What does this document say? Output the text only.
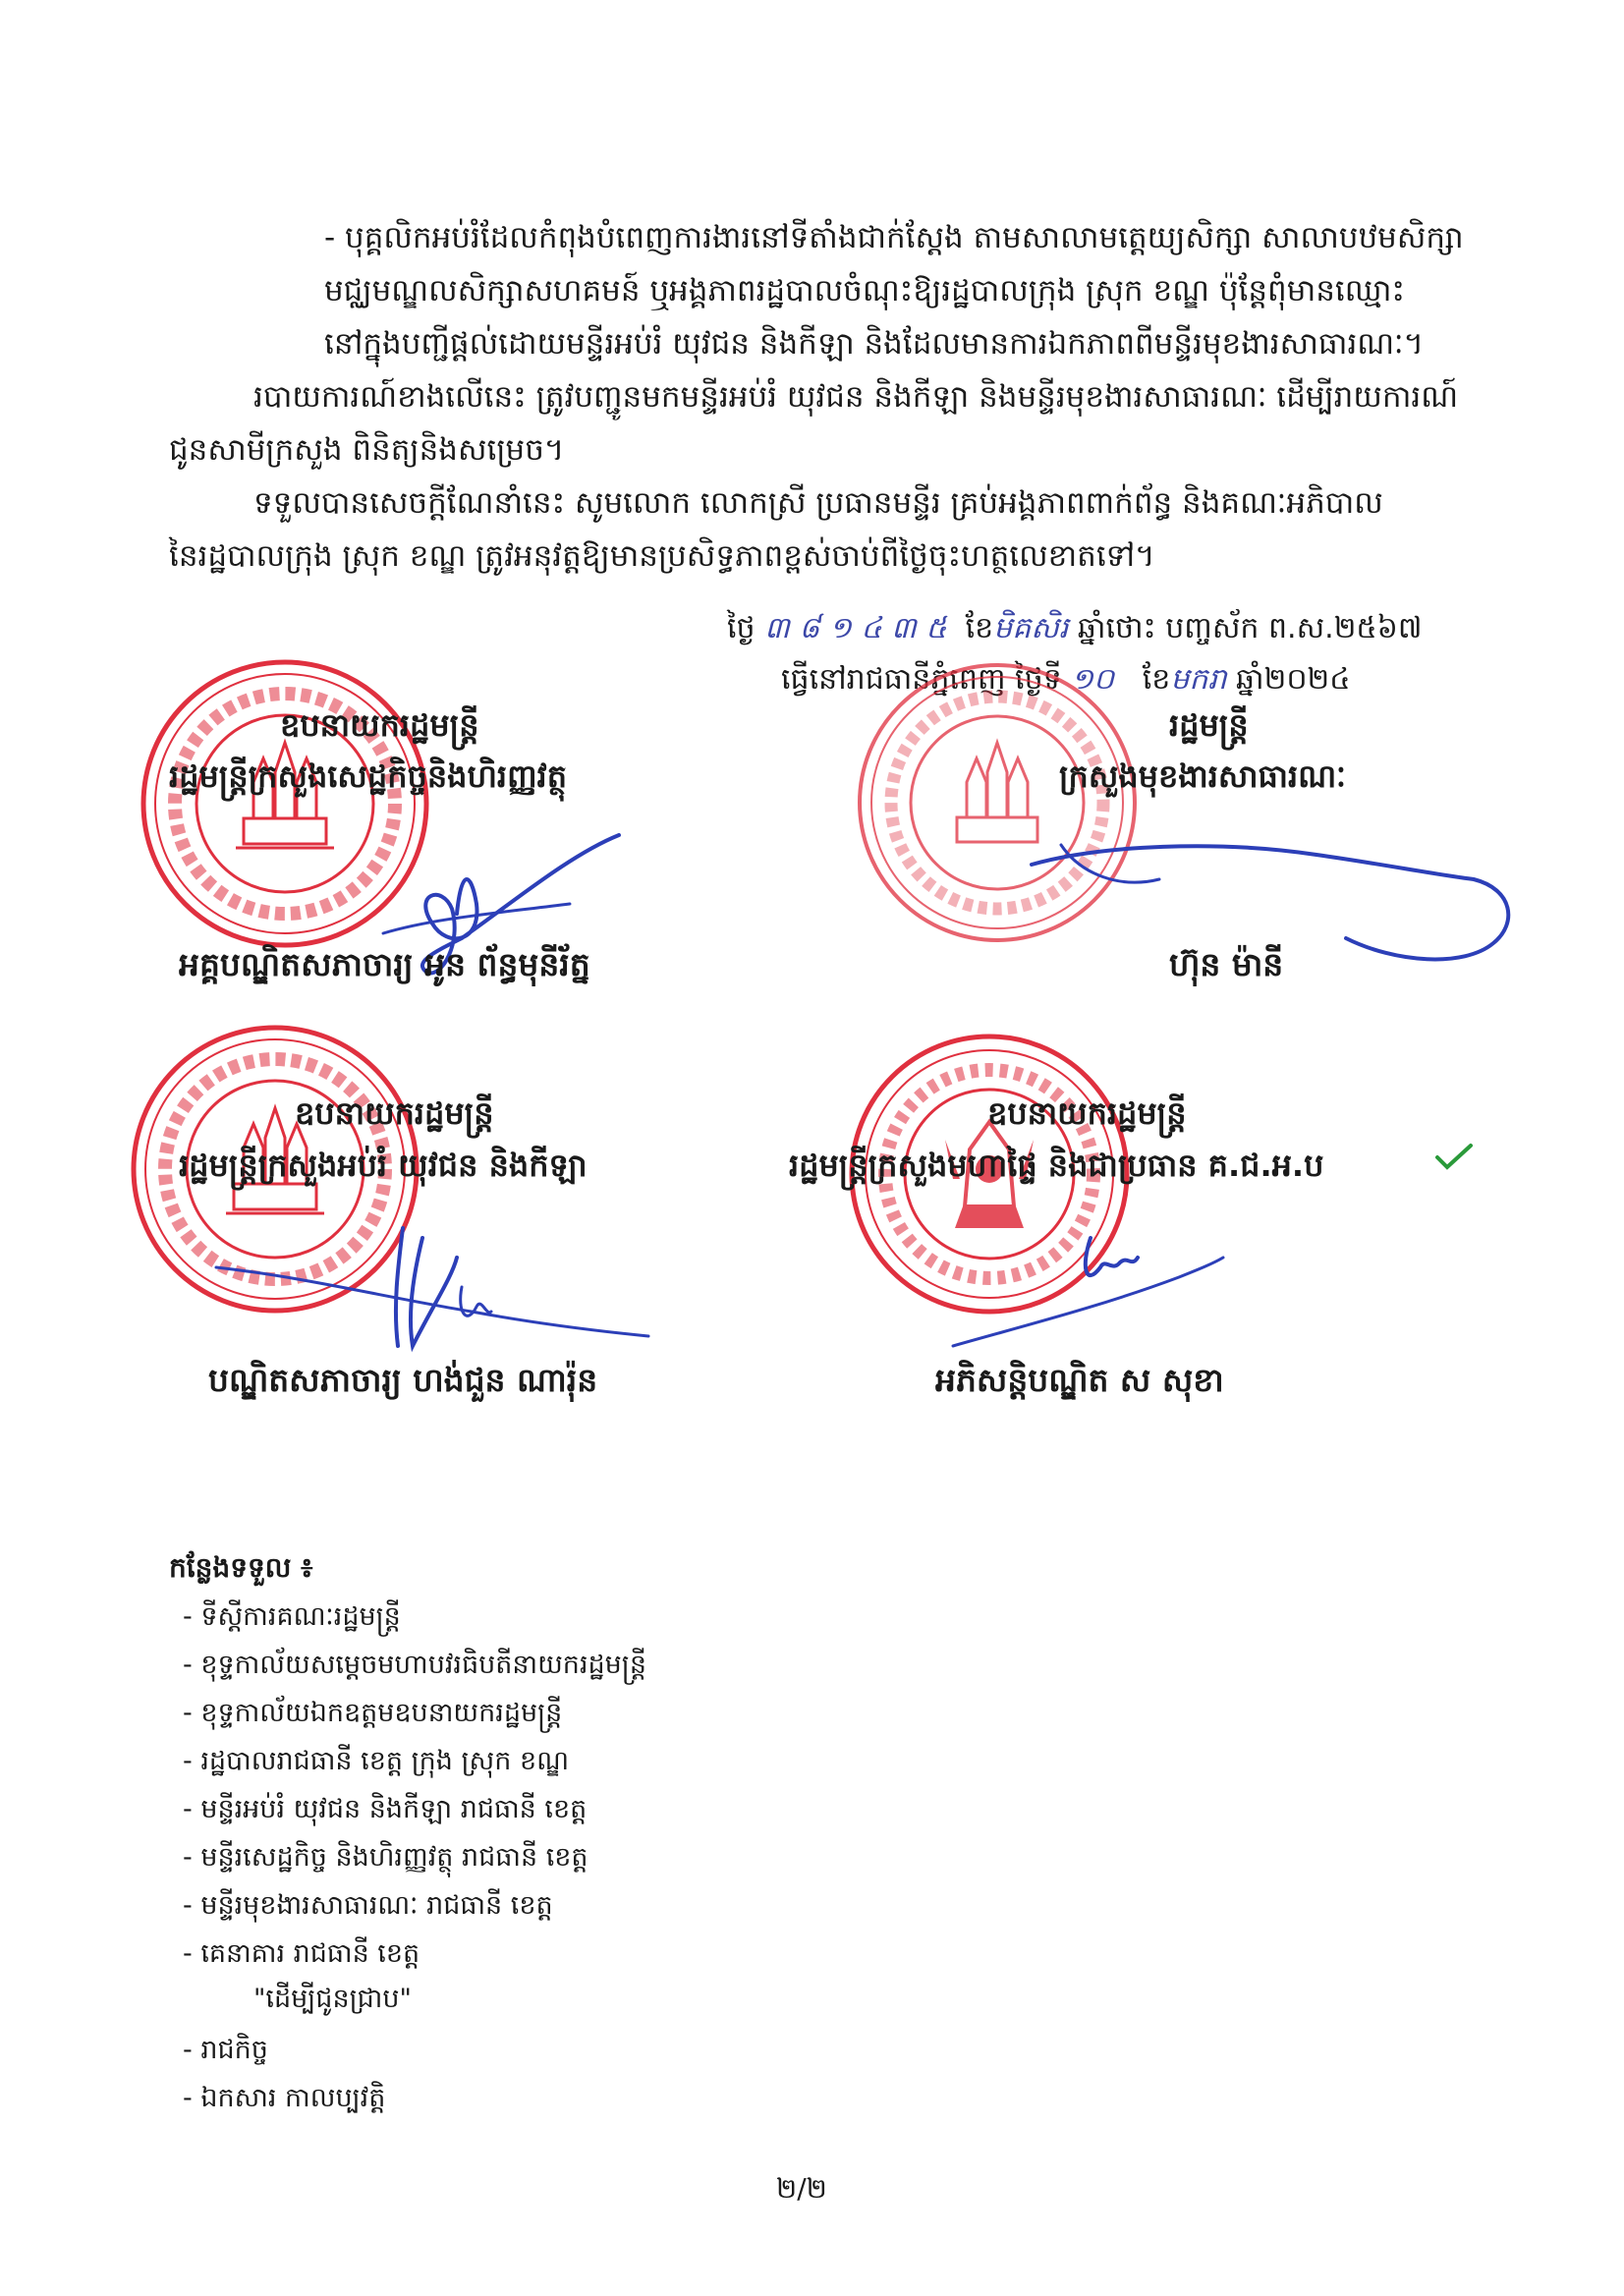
- បុគ្គលិកអប់រំដែលកំពុងបំពេញការងារនៅទីតាំងជាក់ស្តែង តាមសាលាមត្តេយ្យសិក្សា សាលាបឋមសិក្សា
មជ្ឈមណ្ឌលសិក្សាសហគមន៍ ឬអង្គភាពរដ្ឋបាលចំណុះឱ្យរដ្ឋបាលក្រុង ស្រុក ខណ្ឌ ប៉ុន្តែពុំមានឈ្មោះ
នៅក្នុងបញ្ជីផ្តល់ដោយមន្ទីរអប់រំ យុវជន និងកីឡា និងដែលមានការឯកភាពពីមន្ទីរមុខងារសាធារណៈ។
របាយការណ៍ខាងលើនេះ ត្រូវបញ្ជូនមកមន្ទីរអប់រំ យុវជន និងកីឡា និងមន្ទីរមុខងារសាធារណៈ ដើម្បីរាយការណ៍
ជូនសាមីក្រសួង ពិនិត្យនិងសម្រេច។
ទទួលបានសេចក្តីណែនាំនេះ សូមលោក លោកស្រី ប្រធានមន្ទីរ គ្រប់អង្គភាពពាក់ព័ន្ធ និងគណៈអភិបាល
នៃរដ្ឋបាលក្រុង ស្រុក ខណ្ឌ ត្រូវអនុវត្តឱ្យមានប្រសិទ្ធភាពខ្ពស់ចាប់ពីថ្ងៃចុះហត្ថលេខាតទៅ។
ថ្ងៃ ៣ ៨ ១ ៤ ៣ ៥ ខែមិគសិរ ឆ្នាំថោះ បញ្ចស័ក ព.ស.២៥៦៧
ធ្វើនៅរាជធានីភ្នំពេញ ថ្ងៃទី ១០ ខែមករា ឆ្នាំ២០២៤
ឧបនាយករដ្ឋមន្ត្រី
រដ្ឋមន្ត្រីក្រសួងសេដ្ឋកិច្ចនិងហិរញ្ញវត្ថុ
អគ្គបណ្ឌិតសភាចារ្យ អូន ព័ន្ធមុនីរ័ត្ន
រដ្ឋមន្ត្រី
ក្រសួងមុខងារសាធារណៈ
ហ៊ុន ម៉ានី
ឧបនាយករដ្ឋមន្ត្រី
រដ្ឋមន្ត្រីក្រសួងអប់រំ យុវជន និងកីឡា
បណ្ឌិតសភាចារ្យ ហង់ជួន ណារ៉ុន
ឧបនាយករដ្ឋមន្ត្រី
រដ្ឋមន្ត្រីក្រសួងមហាផ្ទៃ និងជាប្រធាន គ.ជ.អ.ប
អភិសន្តិបណ្ឌិត ស សុខា
កន្លែងទទួល ៖
- ទីស្តីការគណៈរដ្ឋមន្ត្រី
- ខុទ្ទកាល័យសម្តេចមហាបវរធិបតីនាយករដ្ឋមន្ត្រី
- ខុទ្ទកាល័យឯកឧត្តមឧបនាយករដ្ឋមន្ត្រី
- រដ្ឋបាលរាជធានី ខេត្ត ក្រុង ស្រុក ខណ្ឌ
- មន្ទីរអប់រំ យុវជន និងកីឡា រាជធានី ខេត្ត
- មន្ទីរសេដ្ឋកិច្ច និងហិរញ្ញវត្ថុ រាជធានី ខេត្ត
- មន្ទីរមុខងារសាធារណៈ រាជធានី ខេត្ត
- គេនាគារ រាជធានី ខេត្ត
"ដើម្បីជូនជ្រាប"
- រាជកិច្ច
- ឯកសារ កាលប្បវត្តិ
២/២
